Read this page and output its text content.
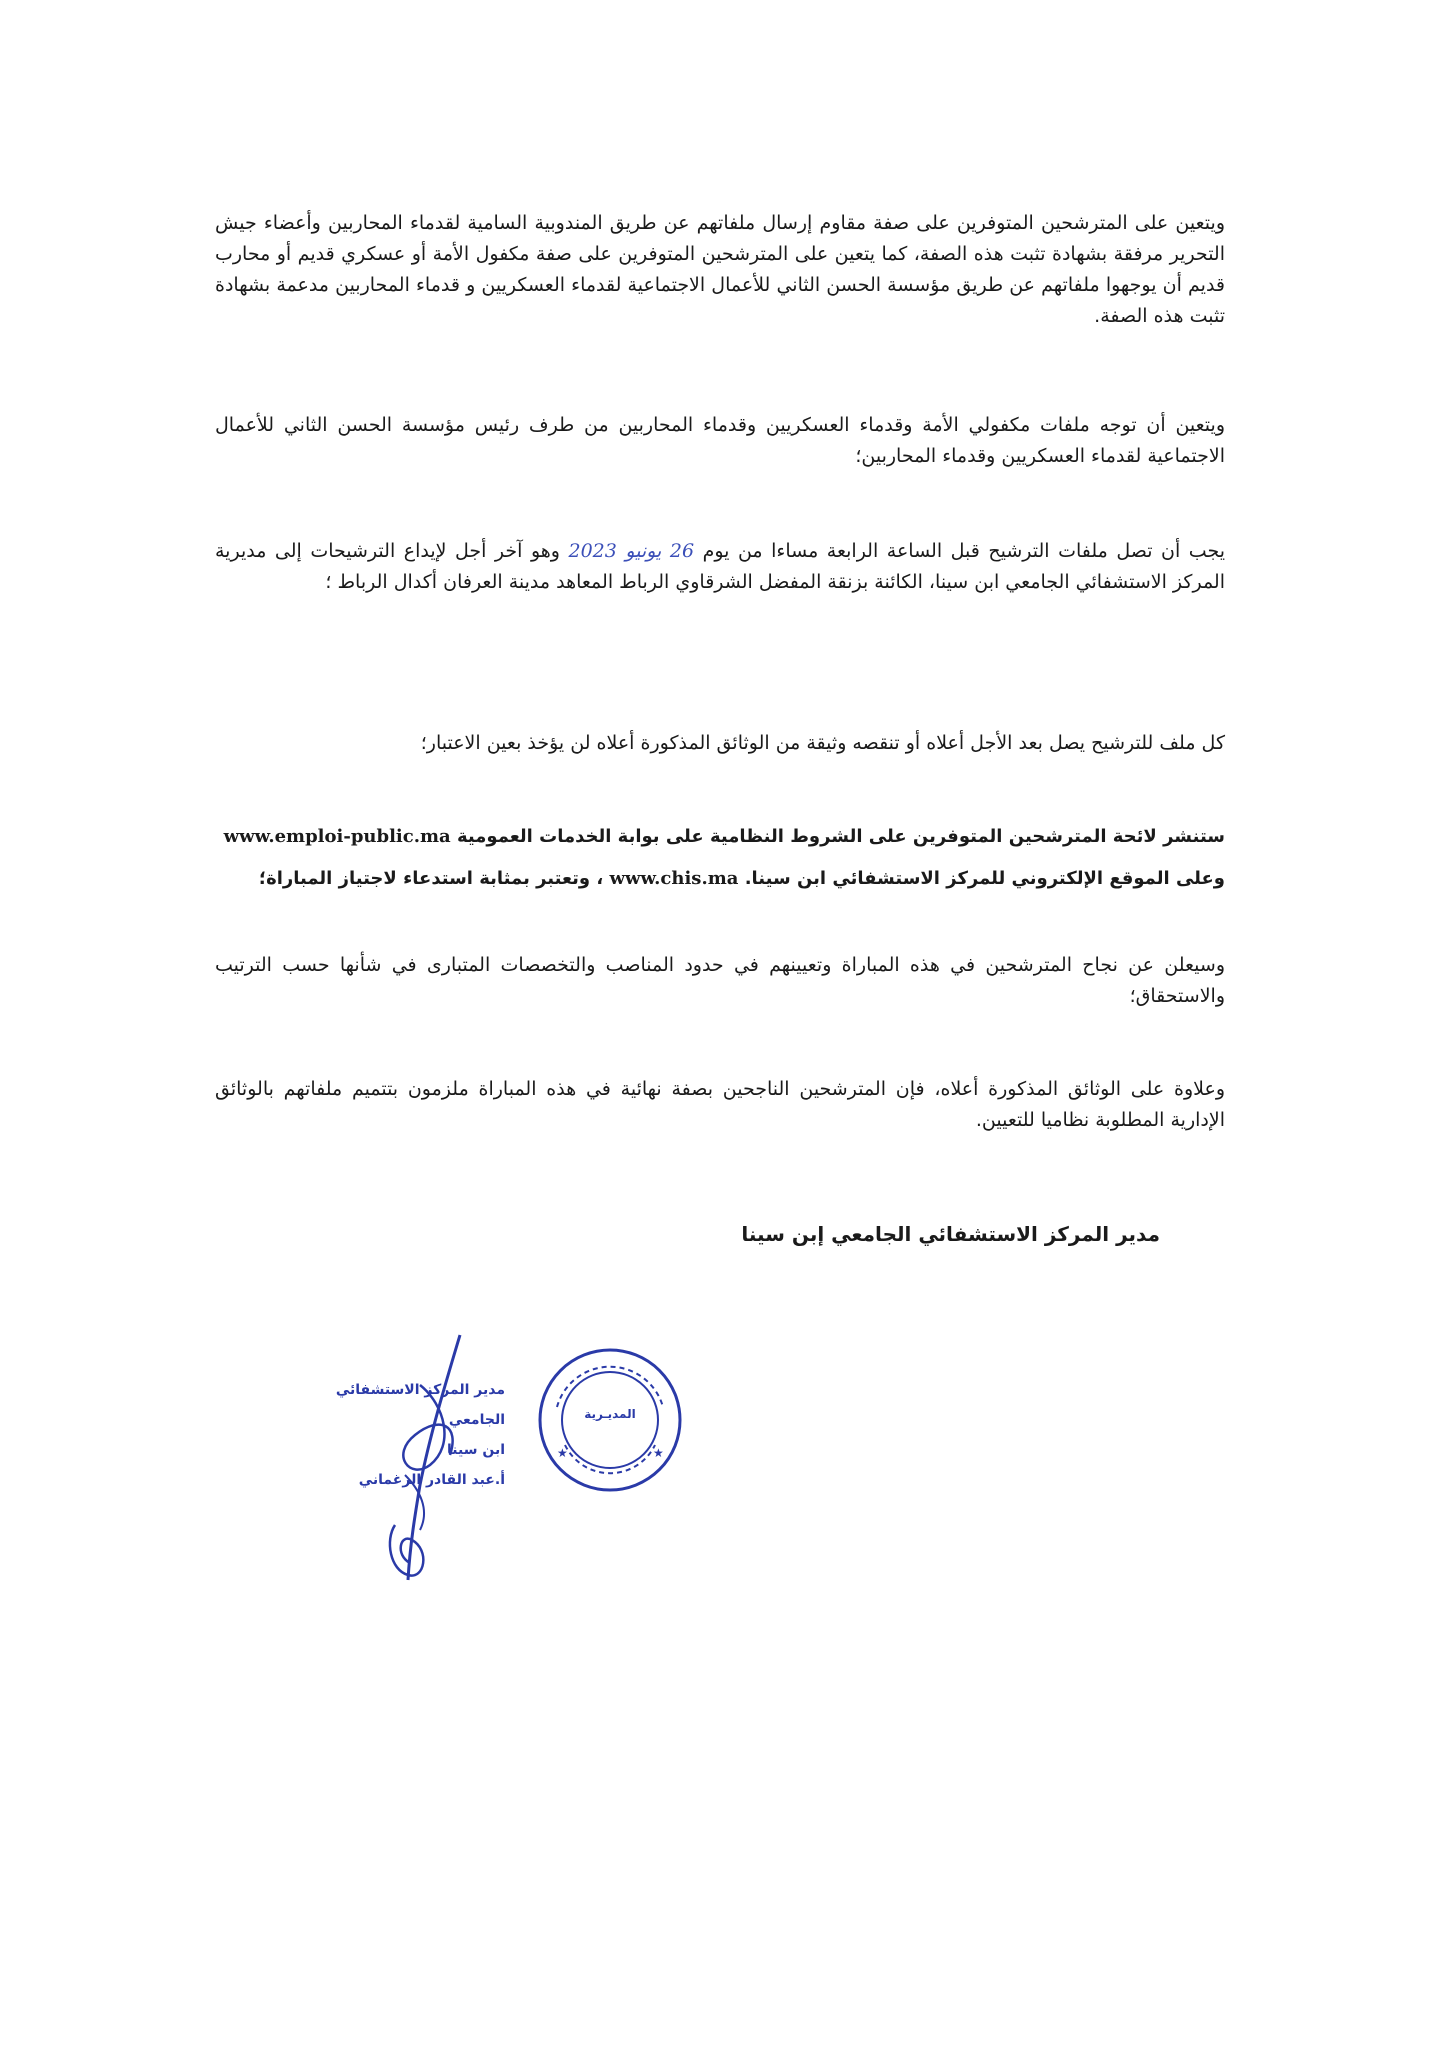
ويتعين على المترشحين المتوفرين على صفة مقاوم إرسال ملفاتهم عن طريق المندوبية السامية لقدماء المحاربين وأعضاء جيش التحرير مرفقة بشهادة تثبت هذه الصفة، كما يتعين على المترشحين المتوفرين على صفة مكفول الأمة أو عسكري قديم أو محارب قديم أن يوجهوا ملفاتهم عن طريق مؤسسة الحسن الثاني للأعمال الاجتماعية لقدماء العسكريين و قدماء المحاربين مدعمة بشهادة تثبت هذه الصفة.
ويتعين أن توجه ملفات مكفولي الأمة وقدماء العسكريين وقدماء المحاربين من طرف رئيس مؤسسة الحسن الثاني للأعمال الاجتماعية لقدماء العسكريين وقدماء المحاربين؛
يجب أن تصل ملفات الترشيح قبل الساعة الرابعة مساءا من يوم 26 يونيو 2023 وهو آخر أجل لإيداع الترشيحات إلى مديرية المركز الاستشفائي الجامعي ابن سينا، الكائنة بزنقة المفضل الشرقاوي الرباط المعاهد مدينة العرفان أكدال الرباط ؛
كل ملف للترشيح يصل بعد الأجل أعلاه أو تنقصه وثيقة من الوثائق المذكورة أعلاه لن يؤخذ بعين الاعتبار؛
ستنشر لائحة المترشحين المتوفرين على الشروط النظامية على بوابة الخدمات العمومية www.emploi-public.ma
وعلى الموقع الإلكتروني للمركز الاستشفائي ابن سينا. www.chis.ma ، وتعتبر بمثابة استدعاء لاجتياز المباراة؛
وسيعلن عن نجاح المترشحين في هذه المباراة وتعيينهم في حدود المناصب والتخصصات المتبارى في شأنها حسب الترتيب والاستحقاق؛
وعلاوة على الوثائق المذكورة أعلاه، فإن المترشحين الناجحين بصفة نهائية في هذه المباراة ملزمون بتتميم ملفاتهم بالوثائق الإدارية المطلوبة نظاميا للتعيين.
مدير المركز الاستشفائي الجامعي إبن سينا
مدير المركز الاستشفائي الجامعي
ابن سينا
أ.عبد القادر الزغماني
★	★
المديـرية
